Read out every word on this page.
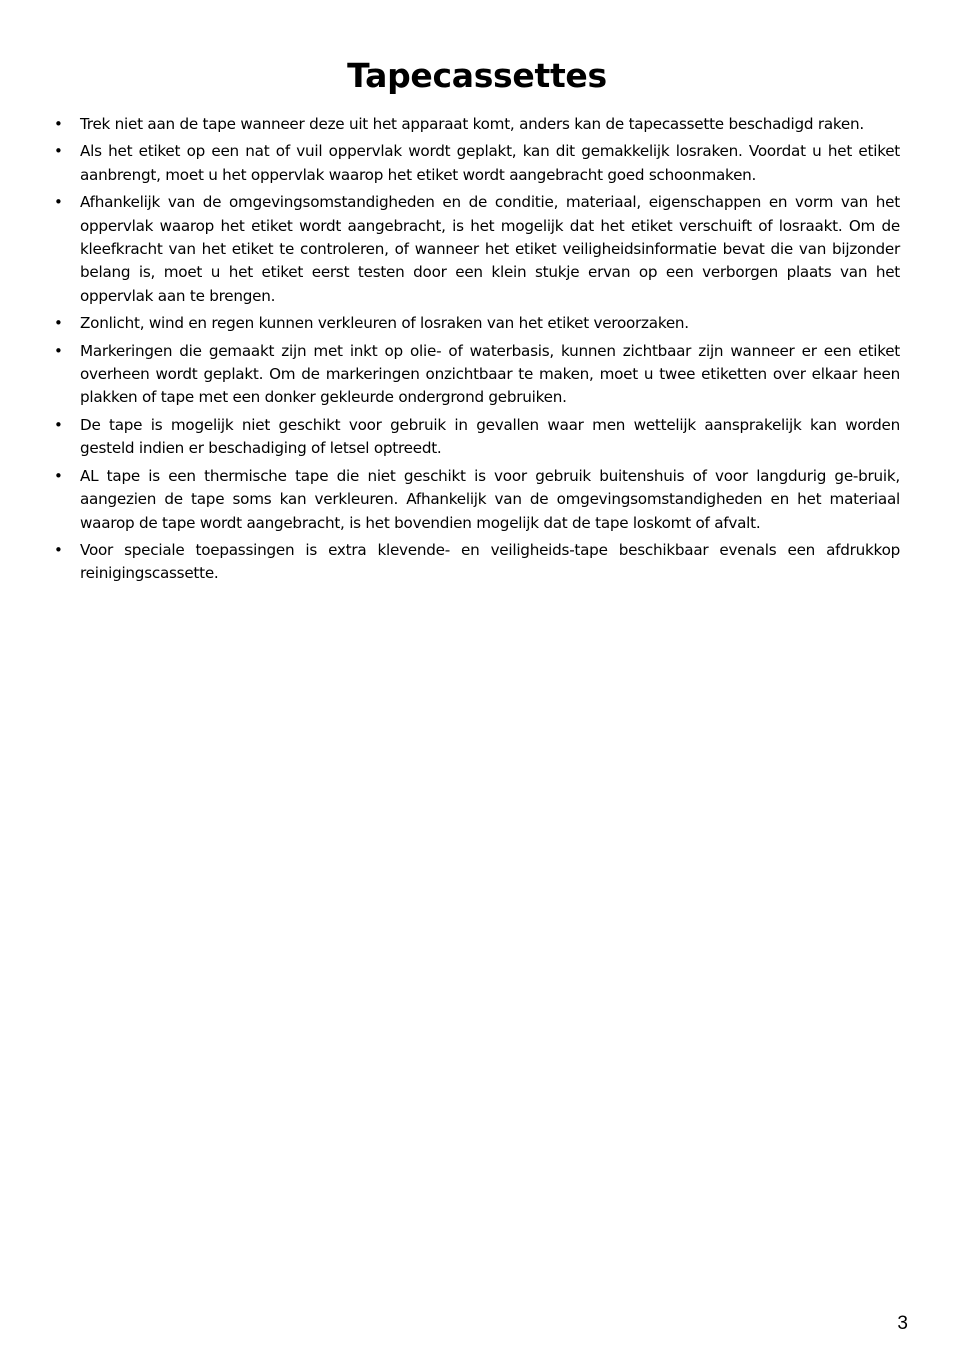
Tapecassettes
• Trek niet aan de tape wanneer deze uit het apparaat komt, anders kan de tapecassette beschadigd raken.
• Als het etiket op een nat of vuil oppervlak wordt geplakt, kan dit gemakkelijk losraken. Voordat u het etiket aanbrengt, moet u het oppervlak waarop het etiket wordt aangebracht goed schoonmaken.
• Afhankelijk van de omgevingsomstandigheden en de conditie, materiaal, eigenschappen en vorm van het oppervlak waarop het etiket wordt aangebracht, is het mogelijk dat het etiket verschuift of losraakt. Om de kleefkracht van het etiket te controleren, of wanneer het etiket veiligheidsinformatie bevat die van bijzonder belang is, moet u het etiket eerst testen door een klein stukje ervan op een verborgen plaats van het oppervlak aan te brengen.
• Zonlicht, wind en regen kunnen verkleuren of losraken van het etiket veroorzaken.
• Markeringen die gemaakt zijn met inkt op olie- of waterbasis, kunnen zichtbaar zijn wanneer er een etiket overheen wordt geplakt. Om de markeringen onzichtbaar te maken, moet u twee etiketten over elkaar heen plakken of tape met een donker gekleurde ondergrond gebruiken.
• De tape is mogelijk niet geschikt voor gebruik in gevallen waar men wettelijk aansprakelijk kan worden gesteld indien er beschadiging of letsel optreedt.
• AL tape is een thermische tape die niet geschikt is voor gebruik buitenshuis of voor langdurig ge-bruik, aangezien de tape soms kan verkleuren. Afhankelijk van de omgevingsomstandigheden en het materiaal waarop de tape wordt aangebracht, is het bovendien mogelijk dat de tape loskomt of afvalt.
• Voor speciale toepassingen is extra klevende- en veiligheids-tape beschikbaar evenals een afdrukkop reinigingscassette.
3
